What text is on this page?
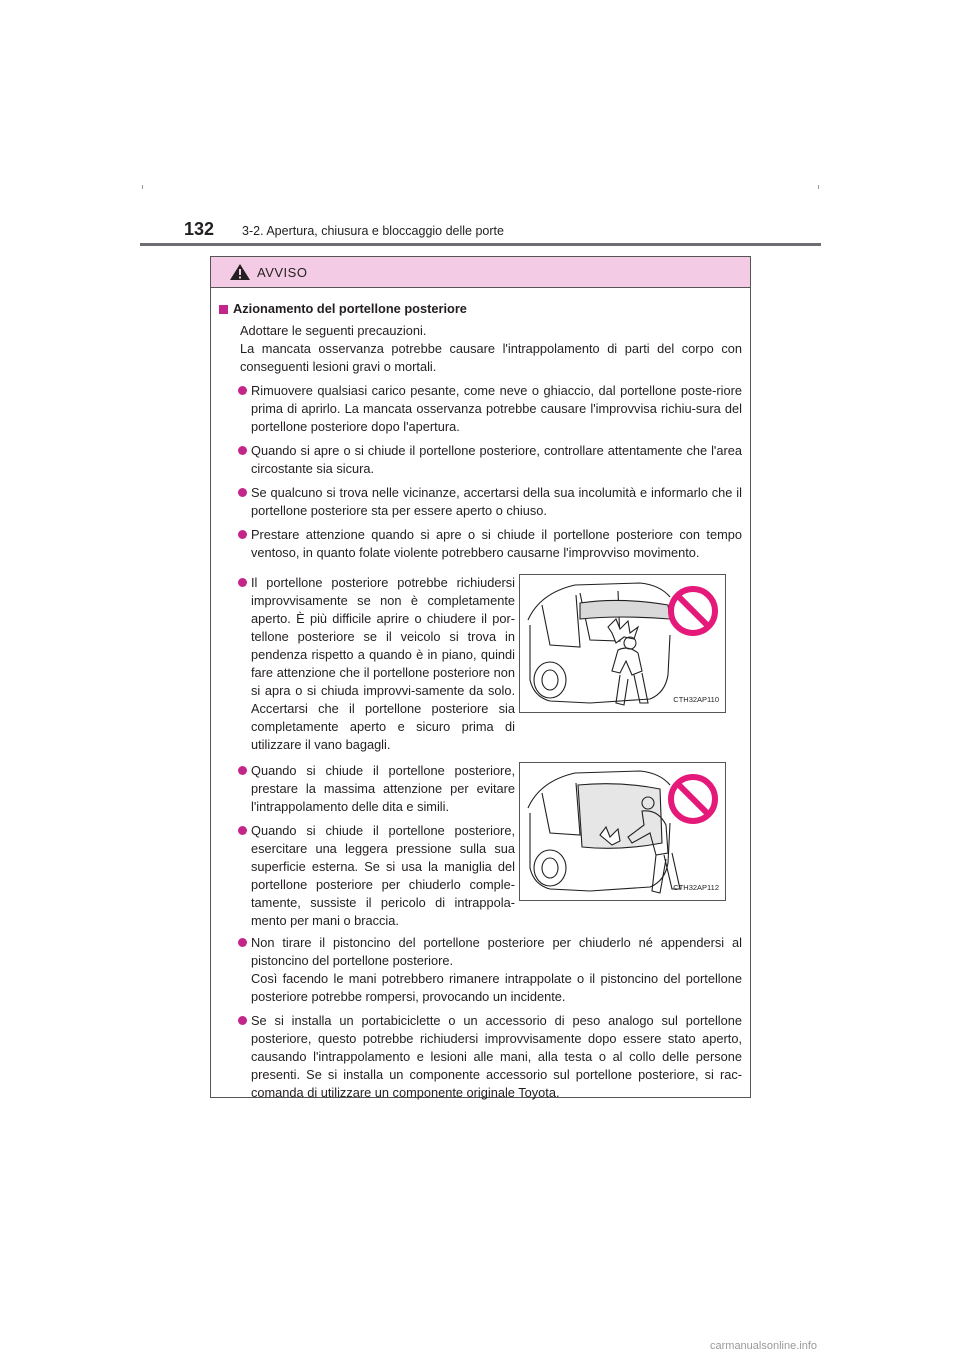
132	3-2. Apertura, chiusura e bloccaggio delle porte
AVVISO
Azionamento del portellone posteriore
Adottare le seguenti precauzioni.
La mancata osservanza potrebbe causare l'intrappolamento di parti del corpo con conseguenti lesioni gravi o mortali.
Rimuovere qualsiasi carico pesante, come neve o ghiaccio, dal portellone poste-riore prima di aprirlo. La mancata osservanza potrebbe causare l'improvvisa richiu-sura del portellone posteriore dopo l'apertura.
Quando si apre o si chiude il portellone posteriore, controllare attentamente che l'area circostante sia sicura.
Se qualcuno si trova nelle vicinanze, accertarsi della sua incolumità e informarlo che il portellone posteriore sta per essere aperto o chiuso.
Prestare attenzione quando si apre o si chiude il portellone posteriore con tempo ventoso, in quanto folate violente potrebbero causarne l'improvviso movimento.
Il portellone posteriore potrebbe richiudersi improvvisamente se non è completamente aperto. È più difficile aprire o chiudere il por-tellone posteriore se il veicolo si trova in pendenza rispetto a quando è in piano, quindi fare attenzione che il portellone posteriore non si apra o si chiuda improvvi-samente da solo. Accertarsi che il portellone posteriore sia completamente aperto e sicuro prima di utilizzare il vano bagagli.
CTH32AP110
Quando si chiude il portellone posteriore, prestare la massima attenzione per evitare l'intrappolamento delle dita e simili.
Quando si chiude il portellone posteriore, esercitare una leggera pressione sulla sua superficie esterna. Se si usa la maniglia del portellone posteriore per chiuderlo comple-tamente, sussiste il pericolo di intrappola-mento per mani o braccia.
CTH32AP112
Non tirare il pistoncino del portellone posteriore per chiuderlo né appendersi al pistoncino del portellone posteriore.
Così facendo le mani potrebbero rimanere intrappolate o il pistoncino del portellone posteriore potrebbe rompersi, provocando un incidente.
Se si installa un portabiciclette o un accessorio di peso analogo sul portellone posteriore, questo potrebbe richiudersi improvvisamente dopo essere stato aperto, causando l'intrappolamento e lesioni alle mani, alla testa o al collo delle persone presenti. Se si installa un componente accessorio sul portellone posteriore, si rac-comanda di utilizzare un componente originale Toyota.
carmanualsonline.info
